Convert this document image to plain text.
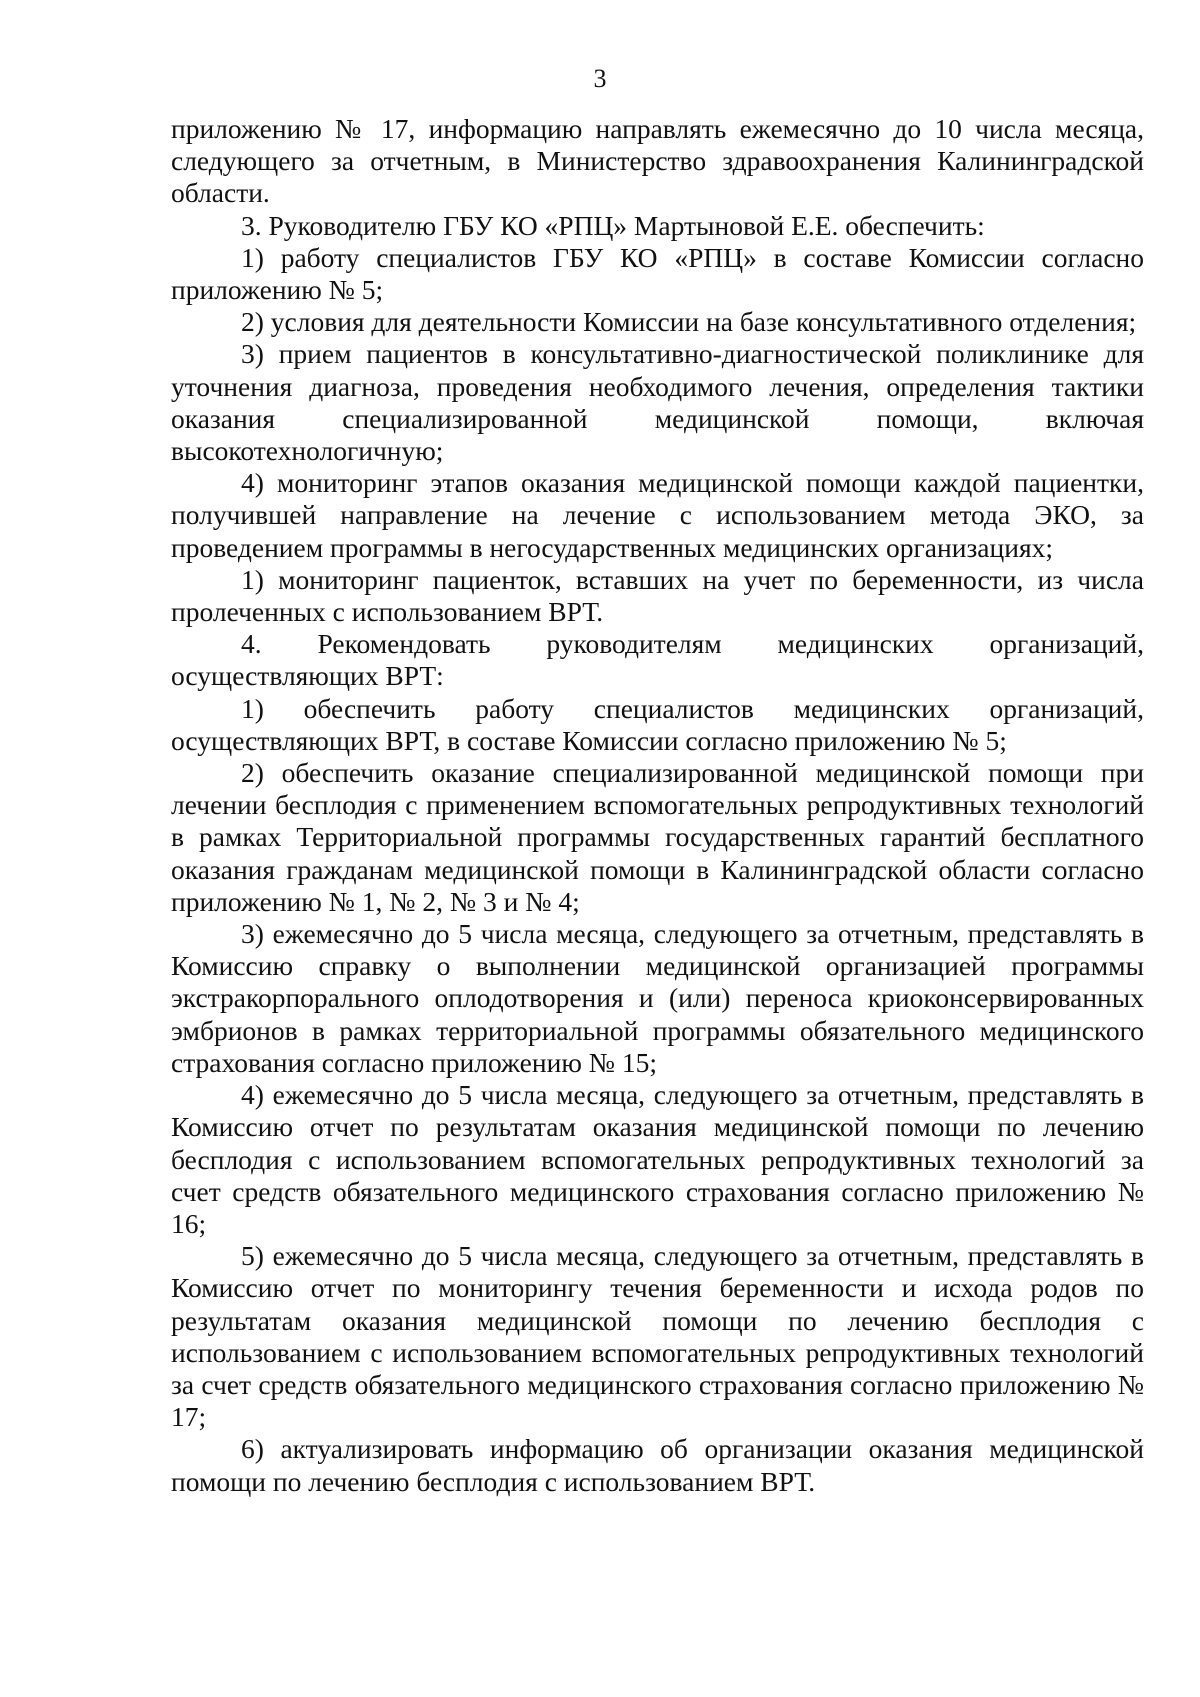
3

приложению № 17, информацию направлять ежемесячно до 10 числа месяца, следующего за отчетным, в Министерство здравоохранения Калининградской области.

3. Руководителю ГБУ КО «РПЦ» Мартыновой Е.Е. обеспечить:

1) работу специалистов ГБУ КО «РПЦ» в составе Комиссии согласно приложению № 5;

2) условия для деятельности Комиссии на базе консультативного отделения;

3) прием пациентов в консультативно-диагностической поликлинике для уточнения диагноза, проведения необходимого лечения, определения тактики оказания специализированной медицинской помощи, включая высокотехнологичную;

4) мониторинг этапов оказания медицинской помощи каждой пациентки, получившей направление на лечение с использованием метода ЭКО, за проведением программы в негосударственных медицинских организациях;

1) мониторинг пациенток, вставших на учет по беременности, из числа пролеченных с использованием ВРТ.

4. Рекомендовать руководителям медицинских организаций, осуществляющих ВРТ:

1) обеспечить работу специалистов медицинских организаций, осуществляющих ВРТ, в составе Комиссии согласно приложению № 5;

2) обеспечить оказание специализированной медицинской помощи при лечении бесплодия с применением вспомогательных репродуктивных технологий в рамках Территориальной программы государственных гарантий бесплатного оказания гражданам медицинской помощи в Калининградской области согласно приложению № 1, № 2, № 3 и № 4;

3) ежемесячно до 5 числа месяца, следующего за отчетным, представлять в Комиссию справку о выполнении медицинской организацией программы экстракорпорального оплодотворения и (или) переноса криоконсервированных эмбрионов в рамках территориальной программы обязательного медицинского страхования согласно приложению № 15;

4) ежемесячно до 5 числа месяца, следующего за отчетным, представлять в Комиссию отчет по результатам оказания медицинской помощи по лечению бесплодия с использованием вспомогательных репродуктивных технологий за счет средств обязательного медицинского страхования согласно приложению № 16;

5) ежемесячно до 5 числа месяца, следующего за отчетным, представлять в Комиссию отчет по мониторингу течения беременности и исхода родов по результатам оказания медицинской помощи по лечению бесплодия с использованием с использованием вспомогательных репродуктивных технологий за счет средств обязательного медицинского страхования согласно приложению № 17;

6) актуализировать информацию об организации оказания медицинской помощи по лечению бесплодия с использованием ВРТ.
